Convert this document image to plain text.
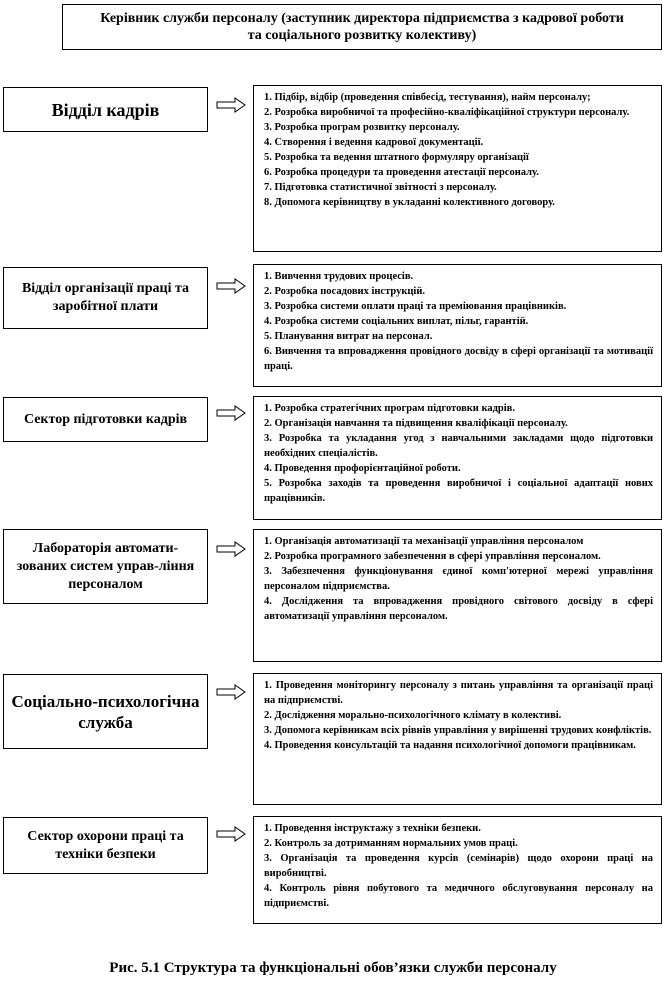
Керівник служби персоналу (заступник директора підприємства з кадрової роботи
та соціального розвитку колективу)
Відділ кадрів
1. Підбір, відбір (проведення співбесід, тестування), найм персоналу;
2. Розробка виробничої та професійно-кваліфікаційної структури персоналу.
3. Розробка програм розвитку персоналу.
4. Створення і ведення кадрової документації.
5. Розробка та ведення штатного формуляру організації
6. Розробка процедури та проведення атестації персоналу.
7. Підготовка статистичної звітності з персоналу.
8. Допомога керівництву в укладанні колективного договору.
Відділ організації праці та заробітної плати
1. Вивчення трудових процесів.
2. Розробка посадових інструкцій.
3. Розробка системи оплати праці та преміювання працівників.
4. Розробка системи соціальних виплат, пільг, гарантій.
5. Планування витрат на персонал.
6. Вивчення та впровадження провідного досвіду в сфері організації та мотивації праці.
Сектор підготовки кадрів
1. Розробка стратегічних програм підготовки кадрів.
2. Організація навчання та підвищення кваліфікації персоналу.
3. Розробка та укладання угод з навчальними закладами щодо підготовки необхідних спеціалістів.
4. Проведення профорієнтаційної роботи.
5. Розробка заходів та проведення виробничої і соціальної адаптації нових працівників.
Лабораторія автомати-зованих систем управ-ління персоналом
1. Організація автоматизації та механізації управління персоналом
2. Розробка програмного забезпечення в сфері управління персоналом.
3. Забезпечення функціонування єдиної комп'ютерної мережі управління персоналом підприємства.
4. Дослідження та впровадження провідного світового досвіду в сфері автоматизації управління персоналом.
Соціально-психологічна служба
1. Проведення моніторингу персоналу з питань управління та організації праці на підприємстві.
2. Дослідження морально-психологічного клімату в колективі.
3. Допомога керівникам всіх рівнів управління у вирішенні трудових конфліктів.
4. Проведення консультацій та надання психологічної допомоги працівникам.
Сектор охорони праці та техніки безпеки
1. Проведення інструктажу з техніки безпеки.
2. Контроль за дотриманням нормальних умов праці.
3. Організація та проведення курсів (семінарів) щодо охорони праці на виробництві.
4. Контроль рівня побутового та медичного обслуговування персоналу на підприємстві.
Рис. 5.1 Структура та функціональні обов’язки служби персоналу
